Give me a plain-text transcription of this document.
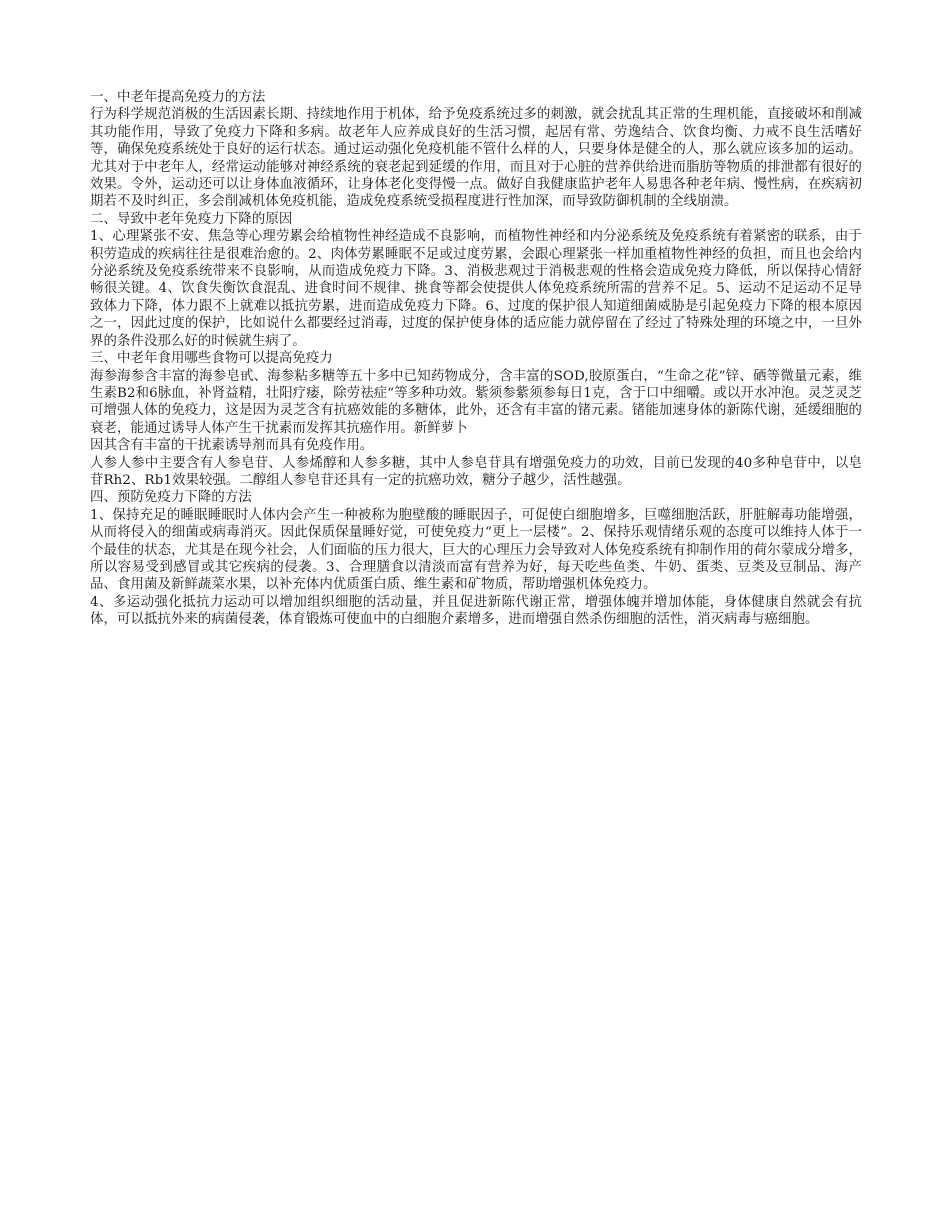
一、中老年提高免疫力的方法

行为科学规范消极的生活因素长期、持续地作用于机体，给予免疫系统过多的刺激，就会扰乱其正常的生理机能，直接破坏和削减其功能作用，导致了免疫力下降和多病。故老年人应养成良好的生活习惯，起居有常、劳逸结合、饮食均衡、力戒不良生活嗜好等，确保免疫系统处于良好的运行状态。通过运动强化免疫机能不管什么样的人，只要身体是健全的人，那么就应该多加的运动。尤其对于中老年人，经常运动能够对神经系统的衰老起到延缓的作用，而且对于心脏的营养供给进而脂肪等物质的排泄都有很好的效果。令外，运动还可以让身体血液循环，让身体老化变得慢一点。做好自我健康监护老年人易患各种老年病、慢性病，在疾病初期若不及时纠正，多会削减机体免疫机能，造成免疫系统受损程度进行性加深，而导致防御机制的全线崩溃。

二、导致中老年免疫力下降的原因

1、心理紧张不安、焦急等心理劳累会给植物性神经造成不良影响，而植物性神经和内分泌系统及免疫系统有着紧密的联系，由于积劳造成的疾病往往是很难治愈的。2、肉体劳累睡眠不足或过度劳累，会跟心理紧张一样加重植物性神经的负担，而且也会给内分泌系统及免疫系统带来不良影响，从而造成免疫力下降。3、消极悲观过于消极悲观的性格会造成免疫力降低，所以保持心情舒畅很关键。4、饮食失衡饮食混乱、进食时间不规律、挑食等都会使提供人体免疫系统所需的营养不足。5、运动不足运动不足导致体力下降，体力跟不上就难以抵抗劳累，进而造成免疫力下降。6、过度的保护很人知道细菌威胁是引起免疫力下降的根本原因之一，因此过度的保护，比如说什么都要经过消毒，过度的保护使身体的适应能力就停留在了经过了特殊处理的环境之中，一旦外界的条件没那么好的时候就生病了。

三、中老年食用哪些食物可以提高免疫力

海参海参含丰富的海参皂甙、海参粘多糖等五十多中已知药物成分，含丰富的SOD,胶原蛋白，“生命之花”锌、硒等微量元素，维生素B2和6脉血，补肾益精，壮阳疗痿，除劳祛症“等多种功效。紫须参紫须参每日1克，含于口中细嚼。或以开水冲泡。灵芝灵芝可增强人体的免疫力，这是因为灵芝含有抗癌效能的多糖体，此外，还含有丰富的锗元素。锗能加速身体的新陈代谢，延缓细胞的衰老，能通过诱导人体产生干扰素而发挥其抗癌作用。新鲜萝卜

因其含有丰富的干扰素诱导剂而具有免疫作用。

人参人参中主要含有人参皂苷、人参烯醇和人参多糖，其中人参皂苷具有增强免疫力的功效，目前已发现的40多种皂苷中，以皂苷Rh2、Rb1效果较强。二醇组人参皂苷还具有一定的抗癌功效，糖分子越少，活性越强。

四、预防免疫力下降的方法

1、保持充足的睡眠睡眠时人体内会产生一种被称为胞壁酸的睡眠因子，可促使白细胞增多，巨噬细胞活跃，肝脏解毒功能增强，从而将侵入的细菌或病毒消灭。因此保质保量睡好觉，可使免疫力“更上一层楼”。2、保持乐观情绪乐观的态度可以维持人体于一个最佳的状态，尤其是在现今社会，人们面临的压力很大，巨大的心理压力会导致对人体免疫系统有抑制作用的荷尔蒙成分增多，所以容易受到感冒或其它疾病的侵袭。3、合理膳食以清淡而富有营养为好，每天吃些鱼类、牛奶、蛋类、豆类及豆制品、海产品、食用菌及新鲜蔬菜水果，以补充体内优质蛋白质、维生素和矿物质，帮助增强机体免疫力。

4、多运动强化抵抗力运动可以增加组织细胞的活动量，并且促进新陈代谢正常，增强体魄并增加体能，身体健康自然就会有抗体，可以抵抗外来的病菌侵袭，体育锻炼可使血中的白细胞介素增多，进而增强自然杀伤细胞的活性，消灭病毒与癌细胞。
